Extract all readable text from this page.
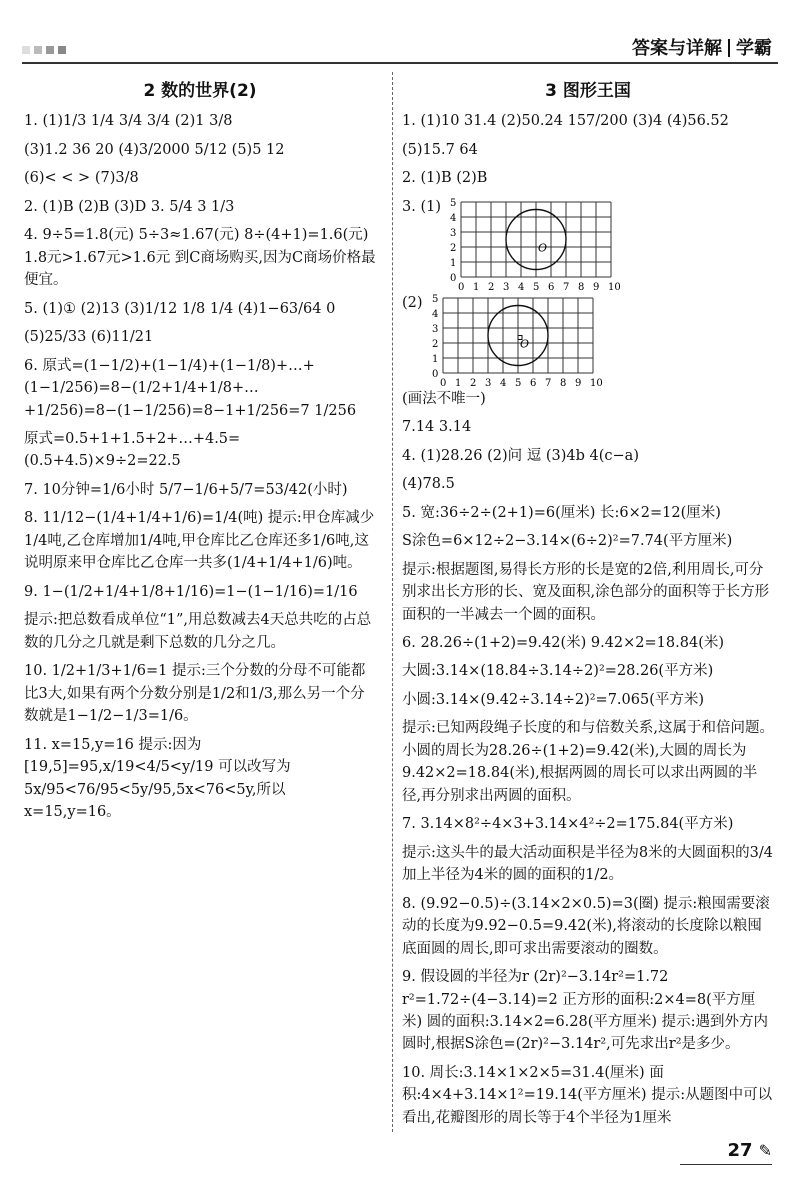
答案与详解 学霸
2 数的世界(2)
1. (1)1/3 1/4 3/4 3/4 (2)1 3/8
(3)1.2 36 20 (4)3/2000 5/12 (5)5 12
(6)< < > (7)3/8
2. (1)B (2)B (3)D 3. 5/4 3 1/3
4. 9÷5=1.8(元) 5÷3≈1.67(元) 8÷(4+1)=1.6(元) 1.8元>1.67元>1.6元 到C商场购买,因为C商场价格最便宜。
5. (1)① (2)13 (3)1/12 1/8 1/4 (4)1−63/64 0
(5)25/33 (6)11/21
6. 原式=(1−1/2)+(1−1/4)+(1−1/8)+…+(1−1/256)=8−(1/2+1/4+1/8+…+1/256)=8−(1−1/256)=8−1+1/256=7 1/256
原式=0.5+1+1.5+2+…+4.5=(0.5+4.5)×9÷2=22.5
7. 10分钟=1/6小时 5/7−1/6+5/7=53/42(小时)
8. 11/12−(1/4+1/4+1/6)=1/4(吨) 提示:甲仓库减少1/4吨,乙仓库增加1/4吨,甲仓库比乙仓库还多1/6吨,这说明原来甲仓库比乙仓库一共多(1/4+1/4+1/6)吨。
9. 1−(1/2+1/4+1/8+1/16)=1−(1−1/16)=1/16
提示:把总数看成单位“1”,用总数减去4天总共吃的占总数的几分之几就是剩下总数的几分之几。
10. 1/2+1/3+1/6=1 提示:三个分数的分母不可能都比3大,如果有两个分数分别是1/2和1/3,那么另一个分数就是1−1/2−1/3=1/6。
11. x=15,y=16 提示:因为[19,5]=95,x/19<4/5<y/19 可以改写为5x/95<76/95<5y/95,5x<76<5y,所以x=15,y=16。
3 图形王国
1. (1)10 31.4 (2)50.24 157/200 (3)4 (4)56.52
(5)15.7 64
2. (1)B (2)B
3. (1)
0 1 2 3 4 5 6 7 8 9 10
5
4
3
2
1
0
O
(2)
0 1 2 3 4 5 6 7 8 9 10
5
4
3
2
1
0
O
(画法不唯一)
7.14 3.14
4. (1)28.26 (2)问 逗 (3)4b 4(c−a)
(4)78.5
5. 宽:36÷2÷(2+1)=6(厘米) 长:6×2=12(厘米)
S涂色=6×12÷2−3.14×(6÷2)²=7.74(平方厘米)
提示:根据题图,易得长方形的长是宽的2倍,利用周长,可分别求出长方形的长、宽及面积,涂色部分的面积等于长方形面积的一半减去一个圆的面积。
6. 28.26÷(1+2)=9.42(米) 9.42×2=18.84(米)
大圆:3.14×(18.84÷3.14÷2)²=28.26(平方米)
小圆:3.14×(9.42÷3.14÷2)²=7.065(平方米)
提示:已知两段绳子长度的和与倍数关系,这属于和倍问题。小圆的周长为28.26÷(1+2)=9.42(米),大圆的周长为9.42×2=18.84(米),根据两圆的周长可以求出两圆的半径,再分别求出两圆的面积。
7. 3.14×8²÷4×3+3.14×4²÷2=175.84(平方米)
提示:这头牛的最大活动面积是半径为8米的大圆面积的3/4加上半径为4米的圆的面积的1/2。
8. (9.92−0.5)÷(3.14×2×0.5)=3(圈) 提示:粮囤需要滚动的长度为9.92−0.5=9.42(米),将滚动的长度除以粮囤底面圆的周长,即可求出需要滚动的圈数。
9. 假设圆的半径为r (2r)²−3.14r²=1.72 r²=1.72÷(4−3.14)=2 正方形的面积:2×4=8(平方厘米) 圆的面积:3.14×2=6.28(平方厘米) 提示:遇到外方内圆时,根据S涂色=(2r)²−3.14r²,可先求出r²是多少。
10. 周长:3.14×1×2×5=31.4(厘米) 面积:4×4+3.14×1²=19.14(平方厘米) 提示:从题图中可以看出,花瓣图形的周长等于4个半径为1厘米
27 ✎
